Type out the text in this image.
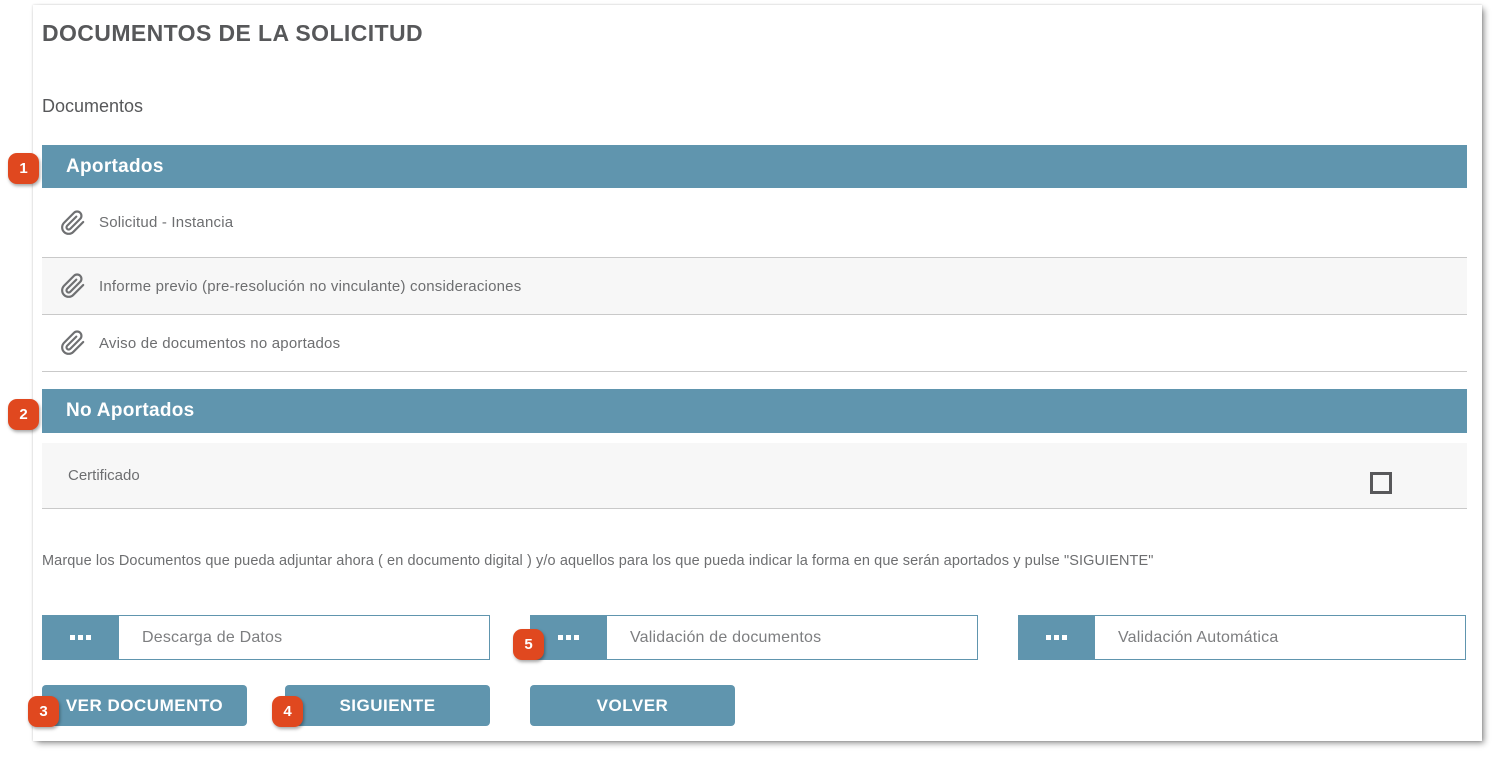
DOCUMENTOS DE LA SOLICITUD
Documentos
Aportados
Solicitud - Instancia
Informe previo (pre-resolución no vinculante) consideraciones
Aviso de documentos no aportados
No Aportados
Certificado
Marque los Documentos que pueda adjuntar ahora ( en documento digital ) y/o aquellos para los que pueda indicar la forma en que serán aportados y pulse "SIGUIENTE"
Descarga de Datos
Validación de documentos
Validación Automática
VER DOCUMENTO	SIGUIENTE	VOLVER
1
2
3	4
5
